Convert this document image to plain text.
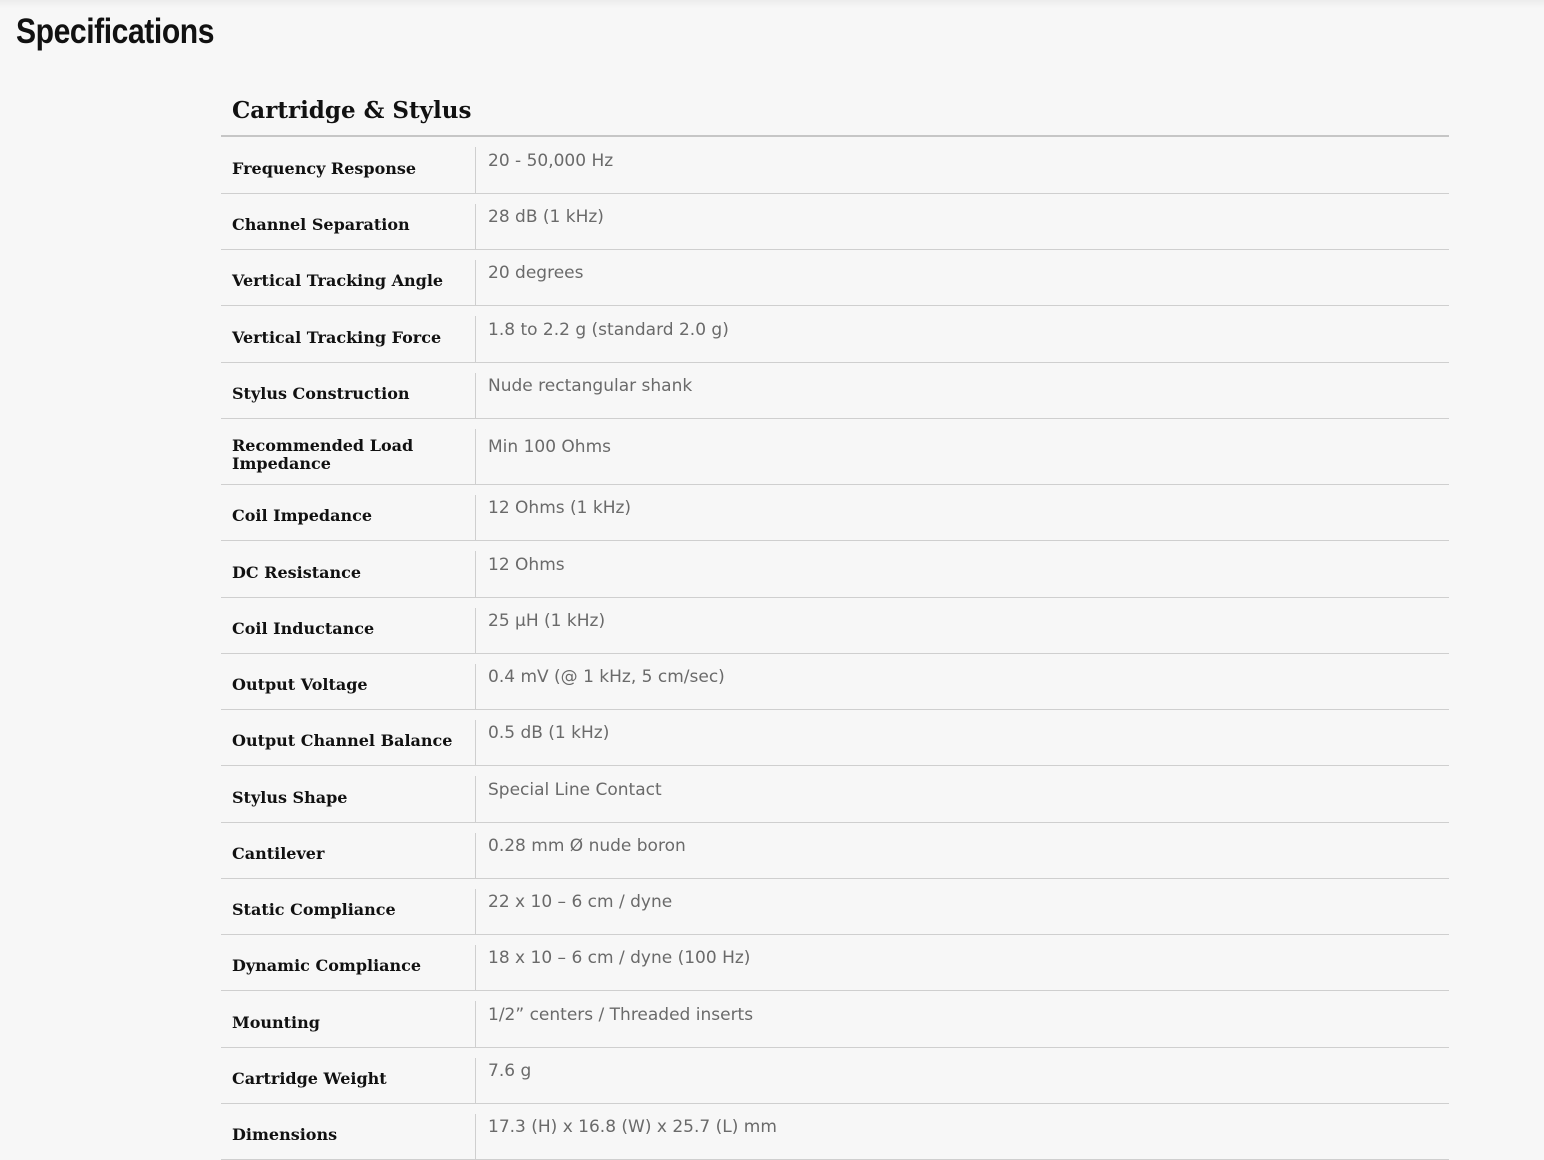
Specifications
Cartridge & Stylus
Frequency Response	20 - 50,000 Hz

Channel Separation	28 dB (1 kHz)

Vertical Tracking Angle	20 degrees

Vertical Tracking Force	1.8 to 2.2 g (standard 2.0 g)

Stylus Construction	Nude rectangular shank

Recommended Load Impedance	Min 100 Ohms

Coil Impedance	12 Ohms (1 kHz)

DC Resistance	12 Ohms

Coil Inductance	25 µH (1 kHz)

Output Voltage	0.4 mV (@ 1 kHz, 5 cm/sec)

Output Channel Balance	0.5 dB (1 kHz)

Stylus Shape	Special Line Contact

Cantilever	0.28 mm Ø nude boron

Static Compliance	22 x 10 – 6 cm / dyne

Dynamic Compliance	18 x 10 – 6 cm / dyne (100 Hz)

Mounting	1/2” centers / Threaded inserts

Cartridge Weight	7.6 g

Dimensions	17.3 (H) x 16.8 (W) x 25.7 (L) mm
